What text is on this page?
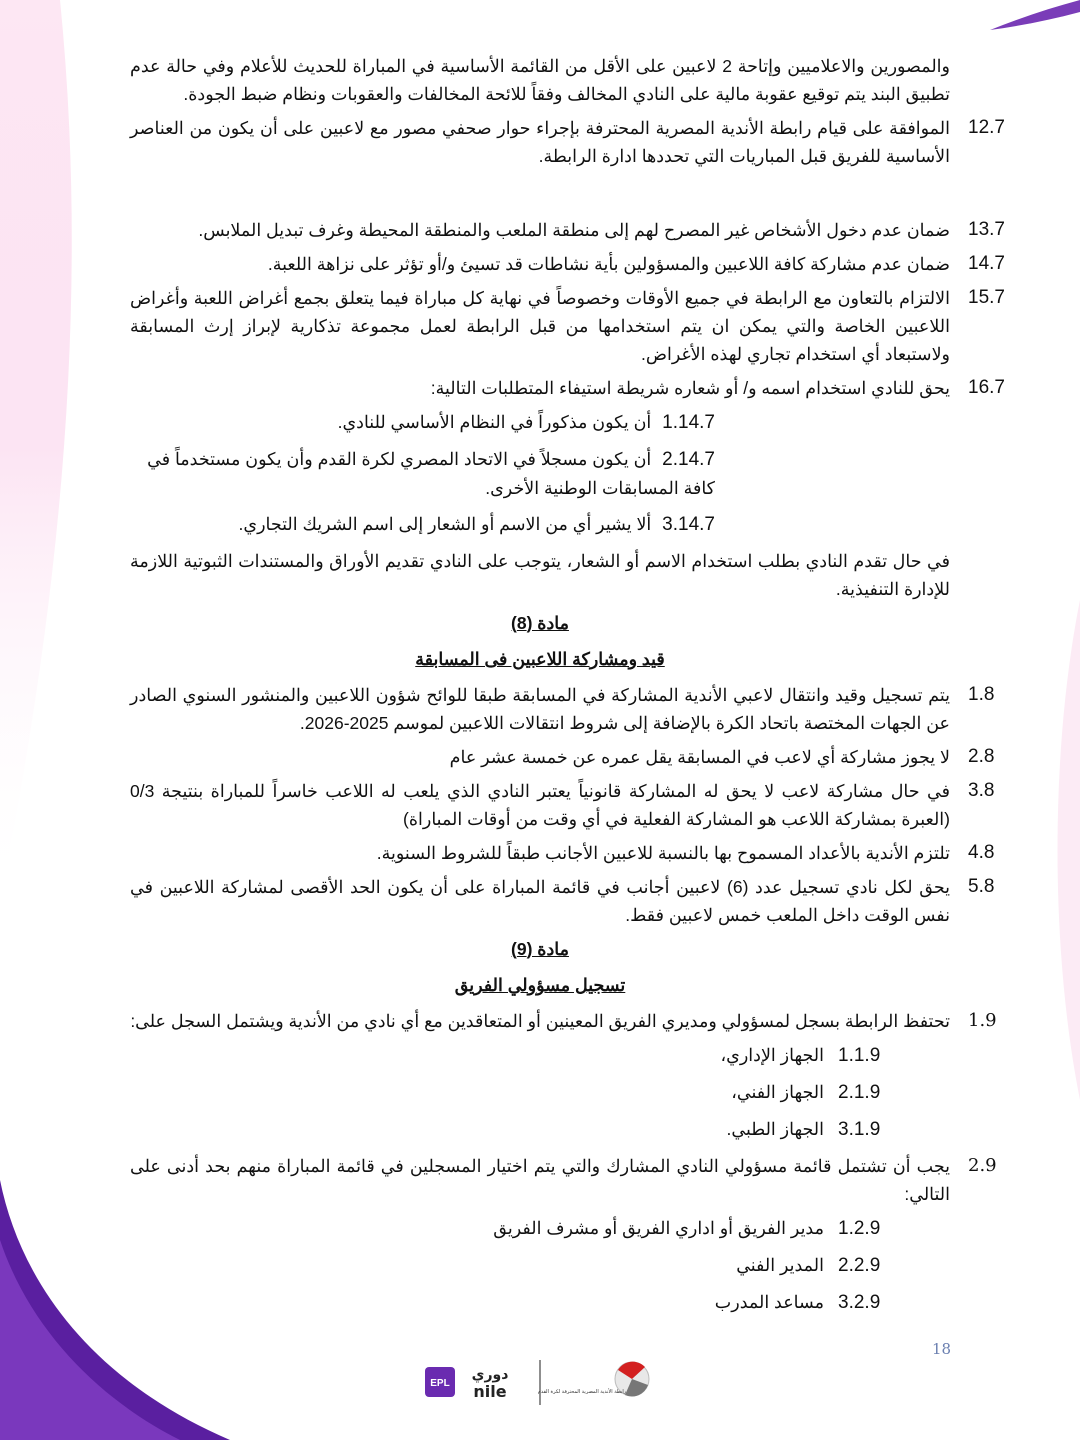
والمصورين والاعلاميين وإتاحة 2 لاعبين على الأقل من القائمة الأساسية في المباراة للحديث للأعلام وفي حالة عدم تطبيق البند يتم توقيع عقوبة مالية على النادي المخالف وفقاً للائحة المخالفات والعقوبات ونظام ضبط الجودة.
12.7
الموافقة على قيام رابطة الأندية المصرية المحترفة بإجراء حوار صحفي مصور مع لاعبين على أن يكون من العناصر الأساسية للفريق قبل المباريات التي تحددها ادارة الرابطة.
13.7
ضمان عدم دخول الأشخاص غير المصرح لهم إلى منطقة الملعب والمنطقة المحيطة وغرف تبديل الملابس.
14.7
ضمان عدم مشاركة كافة اللاعبين والمسؤولين بأية نشاطات قد تسيئ و/أو تؤثر على نزاهة اللعبة.
15.7
الالتزام بالتعاون مع الرابطة في جميع الأوقات وخصوصاً في نهاية كل مباراة فيما يتعلق بجمع أغراض اللعبة وأغراض اللاعبين الخاصة والتي يمكن ان يتم استخدامها من قبل الرابطة لعمل مجموعة تذكارية لإبراز إرث المسابقة ولاستبعاد أي استخدام تجاري لهذه الأغراض.
16.7
يحق للنادي استخدام اسمه و/ أو شعاره شريطة استيفاء المتطلبات التالية:
1.14.7 أن يكون مذكوراً في النظام الأساسي للنادي.
2.14.7 أن يكون مسجلاً في الاتحاد المصري لكرة القدم وأن يكون مستخدماً في كافة المسابقات الوطنية الأخرى.
3.14.7 ألا يشير أي من الاسم أو الشعار إلى اسم الشريك التجاري.
في حال تقدم النادي بطلب استخدام الاسم أو الشعار، يتوجب على النادي تقديم الأوراق والمستندات الثبوتية اللازمة للإدارة التنفيذية.
مادة (8)
قيد ومشاركة اللاعبين فى المسابقة
1.8
يتم تسجيل وقيد وانتقال لاعبي الأندية المشاركة في المسابقة طبقا للوائح شؤون اللاعبين والمنشور السنوي الصادر عن الجهات المختصة باتحاد الكرة بالإضافة إلى شروط انتقالات اللاعبين لموسم 2025-2026.
2.8
لا يجوز مشاركة أي لاعب في المسابقة يقل عمره عن خمسة عشر عام
3.8
في حال مشاركة لاعب لا يحق له المشاركة قانونياً يعتبر النادي الذي يلعب له اللاعب خاسراً للمباراة بنتيجة 0/3 (العبرة بمشاركة اللاعب هو المشاركة الفعلية في أي وقت من أوقات المباراة)
4.8
تلتزم الأندية بالأعداد المسموح بها بالنسبة للاعبين الأجانب طبقاً للشروط السنوية.
5.8
يحق لكل نادي تسجيل عدد (6) لاعبين أجانب في قائمة المباراة على أن يكون الحد الأقصى لمشاركة اللاعبين في نفس الوقت داخل الملعب خمس لاعبين فقط.
مادة (9)
تسجيل مسؤولي الفريق
1.9
تحتفظ الرابطة بسجل لمسؤولي ومديري الفريق المعينين أو المتعاقدين مع أي نادي من الأندية ويشتمل السجل على:
1.1.9الجهاز الإداري،
2.1.9الجهاز الفني،
3.1.9الجهاز الطبي.
2.9
يجب أن تشتمل قائمة مسؤولي النادي المشارك والتي يتم اختيار المسجلين في قائمة المباراة منهم بحد أدنى على التالي:
1.2.9مدير الفريق أو اداري الفريق أو مشرف الفريق
2.2.9المدير الفني
3.2.9مساعد المدرب
18
EPL
دوري
nile	رابطة الأندية المصرية المحترفة لكرة القدم
